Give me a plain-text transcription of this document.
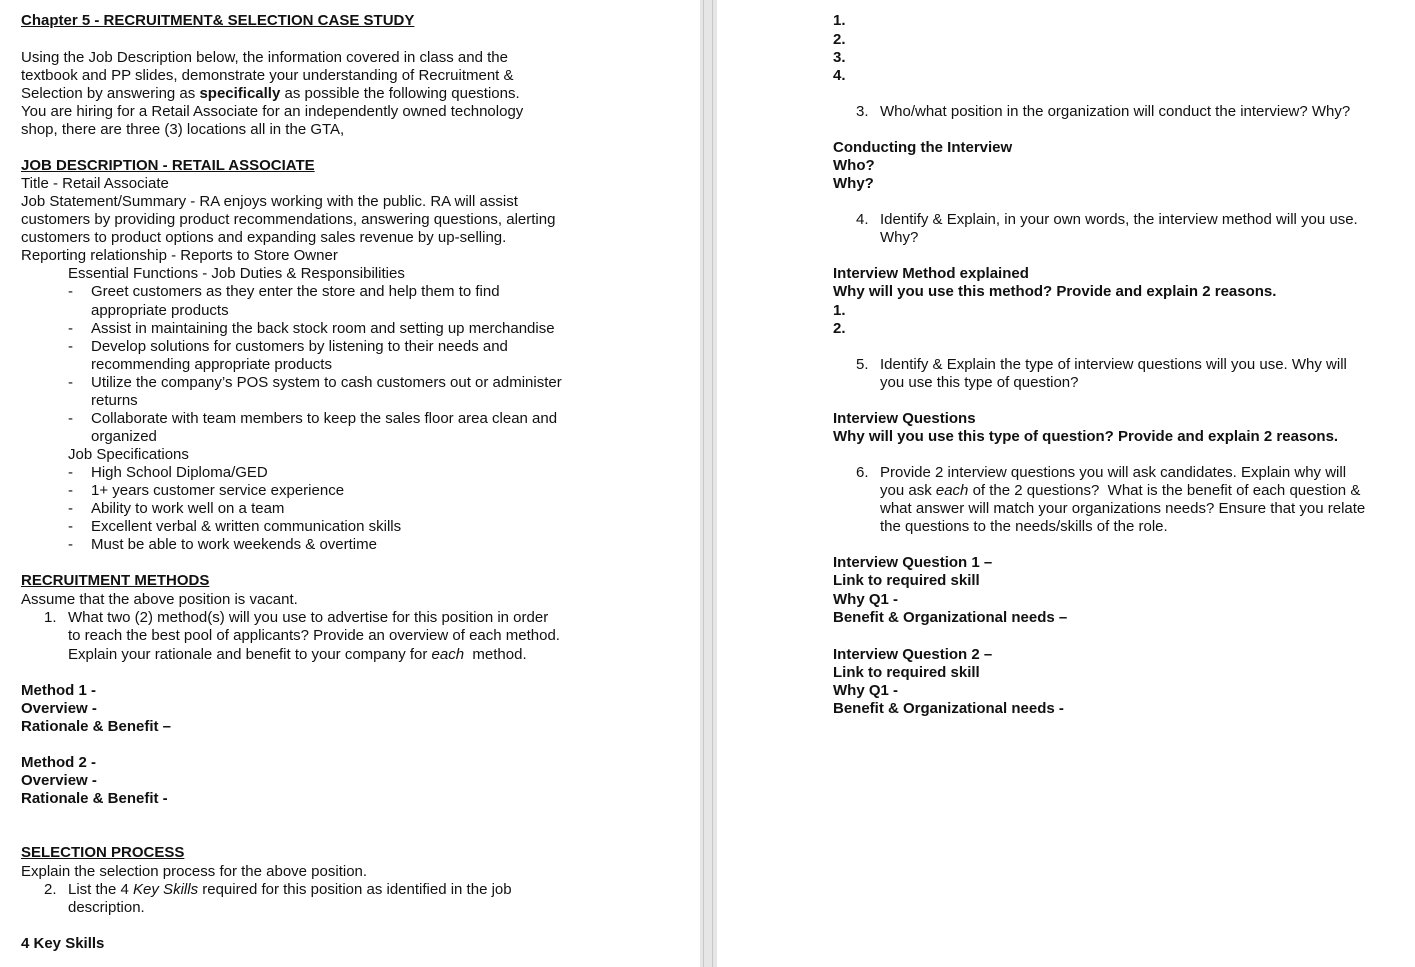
Chapter 5 - RECRUITMENT& SELECTION CASE STUDY
Using the Job Description below, the information covered in class and the
textbook and PP slides, demonstrate your understanding of Recruitment &
Selection by answering as specifically as possible the following questions.
You are hiring for a Retail Associate for an independently owned technology
shop, there are three (3) locations all in the GTA,
JOB DESCRIPTION - RETAIL ASSOCIATE
Title - Retail Associate
Job Statement/Summary - RA enjoys working with the public. RA will assist
customers by providing product recommendations, answering questions, alerting
customers to product options and expanding sales revenue by up-selling.
Reporting relationship - Reports to Store Owner
Essential Functions - Job Duties & Responsibilities
- Greet customers as they enter the store and help them to find
appropriate products
- Assist in maintaining the back stock room and setting up merchandise
- Develop solutions for customers by listening to their needs and
recommending appropriate products
- Utilize the company’s POS system to cash customers out or administer
returns
- Collaborate with team members to keep the sales floor area clean and
organized
Job Specifications
- High School Diploma/GED
- 1+ years customer service experience
- Ability to work well on a team
- Excellent verbal & written communication skills
- Must be able to work weekends & overtime
RECRUITMENT METHODS
Assume that the above position is vacant.
1. What two (2) method(s) will you use to advertise for this position in order
to reach the best pool of applicants? Provide an overview of each method.
Explain your rationale and benefit to your company for each  method.
Method 1 -
Overview -
Rationale & Benefit –
Method 2 -
Overview -
Rationale & Benefit -
SELECTION PROCESS
Explain the selection process for the above position.
2. List the 4 Key Skills required for this position as identified in the job
description.
4 Key Skills
1.
2.
3.
4.
3. Who/what position in the organization will conduct the interview? Why?
Conducting the Interview
Who?
Why?
4. Identify & Explain, in your own words, the interview method will you use.
Why?
Interview Method explained
Why will you use this method? Provide and explain 2 reasons.
1.
2.
5. Identify & Explain the type of interview questions will you use. Why will
you use this type of question?
Interview Questions
Why will you use this type of question? Provide and explain 2 reasons.
6. Provide 2 interview questions you will ask candidates. Explain why will
you ask each of the 2 questions?  What is the benefit of each question &
what answer will match your organizations needs? Ensure that you relate
the questions to the needs/skills of the role.
Interview Question 1 –
Link to required skill
Why Q1 -
Benefit & Organizational needs –
Interview Question 2 –
Link to required skill
Why Q1 -
Benefit & Organizational needs -
